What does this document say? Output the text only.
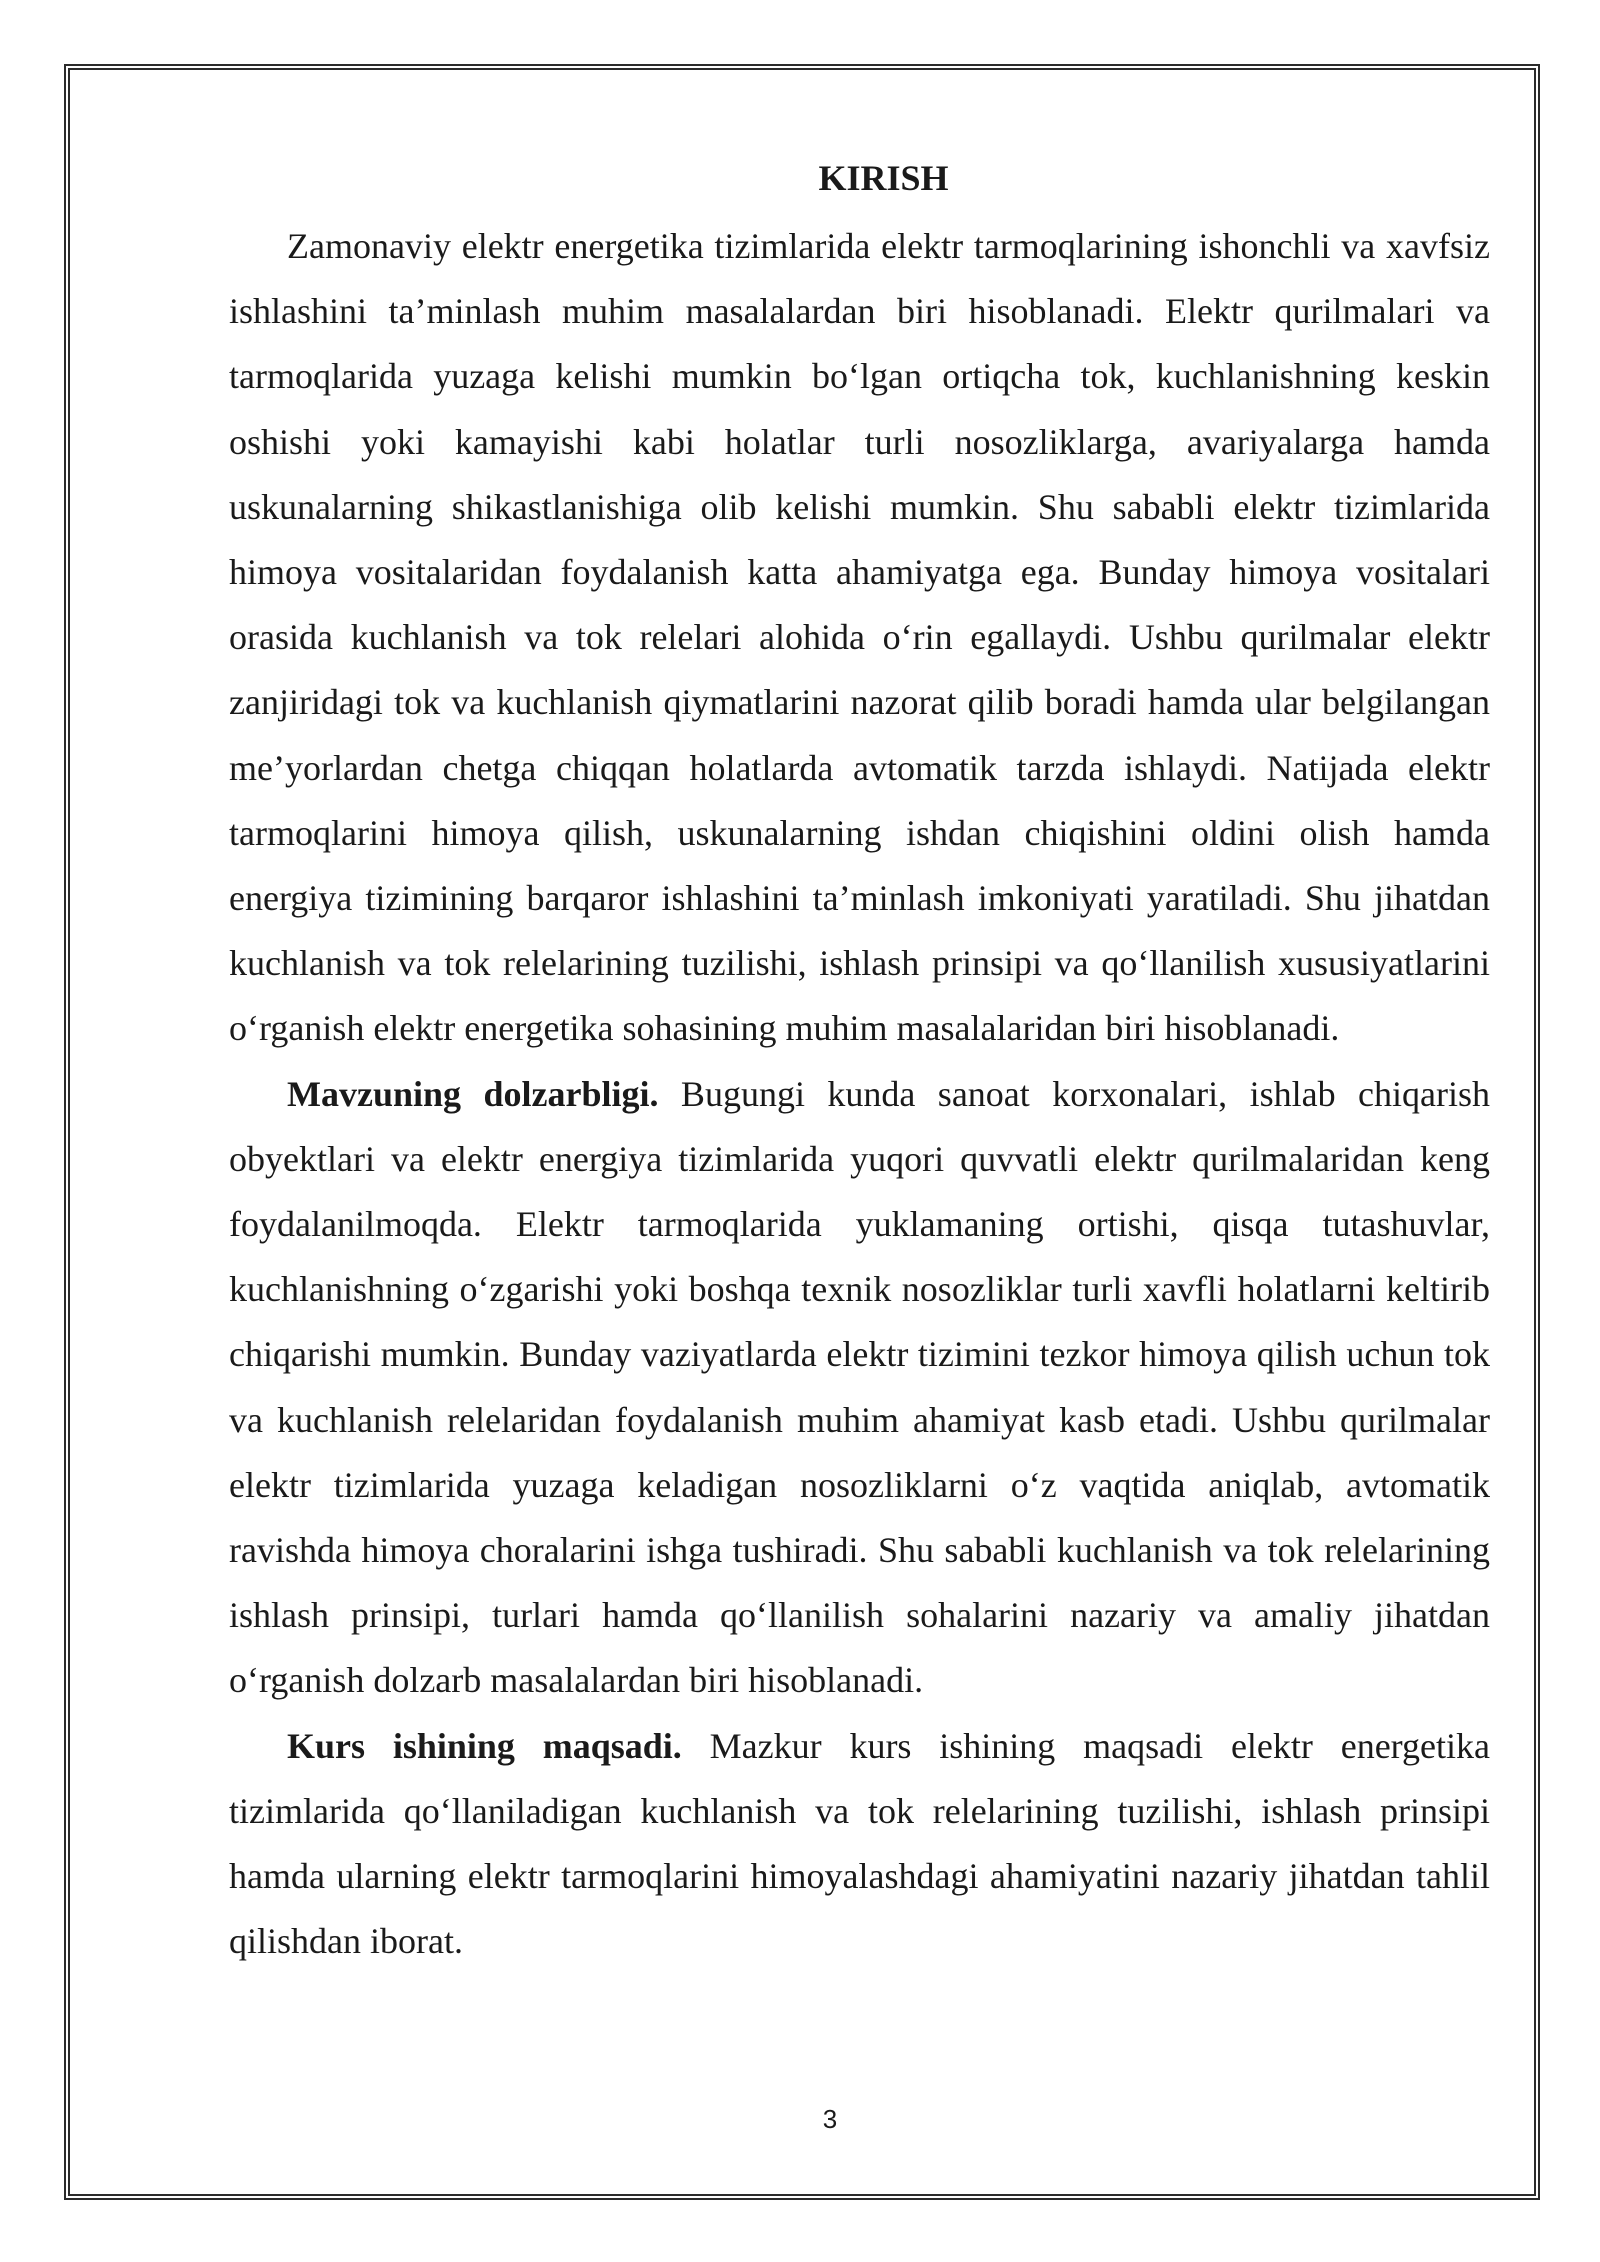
KIRISH

Zamonaviy elektr energetika tizimlarida elektr tarmoqlarining ishonchli va xavfsiz ishlashini ta’minlash muhim masalalardan biri hisoblanadi. Elektr qurilmalari va tarmoqlarida yuzaga kelishi mumkin boʻlgan ortiqcha tok, kuchlanishning keskin oshishi yoki kamayishi kabi holatlar turli nosozliklarga, avariyalarga hamda uskunalarning shikastlanishiga olib kelishi mumkin. Shu sababli elektr tizimlarida himoya vositalaridan foydalanish katta ahamiyatga ega. Bunday himoya vositalari orasida kuchlanish va tok relelari alohida oʻrin egallaydi. Ushbu qurilmalar elektr zanjiridagi tok va kuchlanish qiymatlarini nazorat qilib boradi hamda ular belgilangan me’yorlardan chetga chiqqan holatlarda avtomatik tarzda ishlaydi. Natijada elektr tarmoqlarini himoya qilish, uskunalarning ishdan chiqishini oldini olish hamda energiya tizimining barqaror ishlashini ta’minlash imkoniyati yaratiladi. Shu jihatdan kuchlanish va tok relelarining tuzilishi, ishlash prinsipi va qoʻllanilish xususiyatlarini oʻrganish elektr energetika sohasining muhim masalalaridan biri hisoblanadi.

Mavzuning dolzarbligi. Bugungi kunda sanoat korxonalari, ishlab chiqarish obyektlari va elektr energiya tizimlarida yuqori quvvatli elektr qurilmalaridan keng foydalanilmoqda. Elektr tarmoqlarida yuklamaning ortishi, qisqa tutashuvlar, kuchlanishning oʻzgarishi yoki boshqa texnik nosozliklar turli xavfli holatlarni keltirib chiqarishi mumkin. Bunday vaziyatlarda elektr tizimini tezkor himoya qilish uchun tok va kuchlanish relelaridan foydalanish muhim ahamiyat kasb etadi. Ushbu qurilmalar elektr tizimlarida yuzaga keladigan nosozliklarni oʻz vaqtida aniqlab, avtomatik ravishda himoya choralarini ishga tushiradi. Shu sababli kuchlanish va tok relelarining ishlash prinsipi, turlari hamda qoʻllanilish sohalarini nazariy va amaliy jihatdan oʻrganish dolzarb masalalardan biri hisoblanadi.

Kurs ishining maqsadi. Mazkur kurs ishining maqsadi elektr energetika tizimlarida qoʻllaniladigan kuchlanish va tok relelarining tuzilishi, ishlash prinsipi hamda ularning elektr tarmoqlarini himoyalashdagi ahamiyatini nazariy jihatdan tahlil qilishdan iborat.

3
